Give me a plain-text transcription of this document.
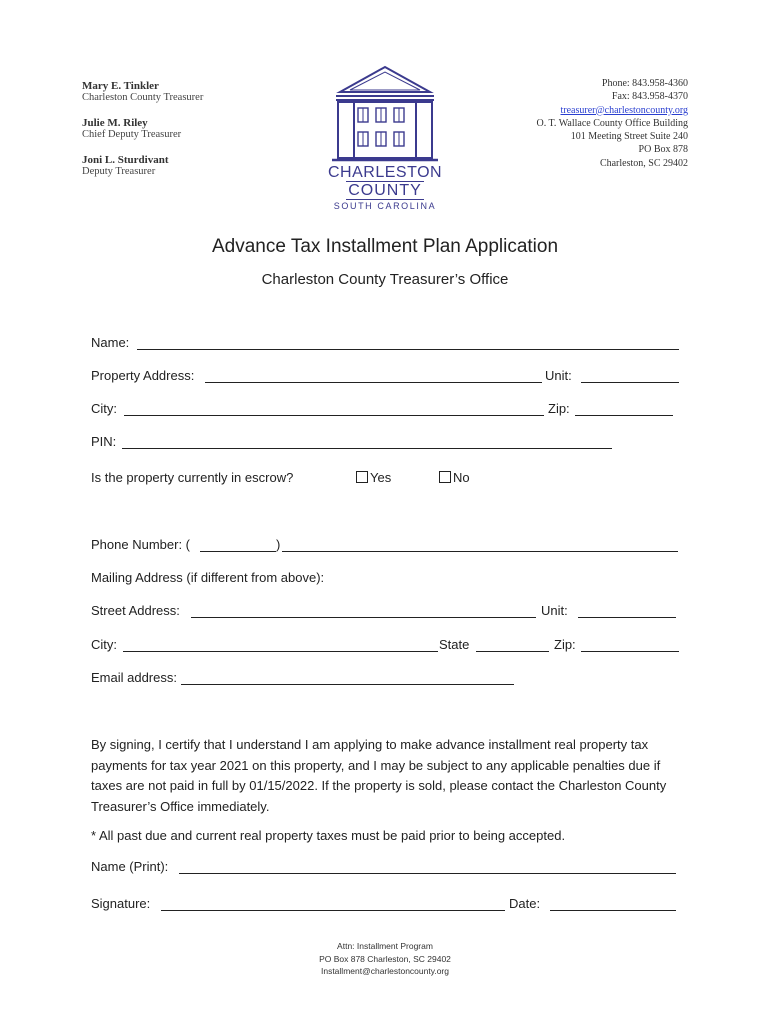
Mary E. Tinkler
Charleston County Treasurer
Julie M. Riley
Chief Deputy Treasurer
Joni L. Sturdivant
Deputy Treasurer	CHARLESTON
COUNTY
SOUTH CAROLINA
Phone: 843.958-4360
Fax: 843.958-4370
treasurer@charlestoncounty.org
O. T. Wallace County Office Building
101 Meeting Street Suite 240
PO Box 878
Charleston, SC 29402
Advance Tax Installment Plan Application
Charleston County Treasurer’s Office
Name:
Property Address:	Unit:
City:	Zip:
PIN:
Is the property currently in escrow?	Yes	No
Phone Number: (	)
Mailing Address (if different from above):
Street Address:	Unit:
City:	State	Zip:
Email address:
By signing, I certify that I understand I am applying to make advance installment real property tax payments for tax year 2021 on this property, and I may be subject to any applicable penalties due if taxes are not paid in full by 01/15/2022. If the property is sold, please contact the Charleston County Treasurer’s Office immediately.
* All past due and current real property taxes must be paid prior to being accepted.
Name (Print):
Signature:	Date:
Attn: Installment Program
PO Box 878 Charleston, SC 29402
Installment@charlestoncounty.org
